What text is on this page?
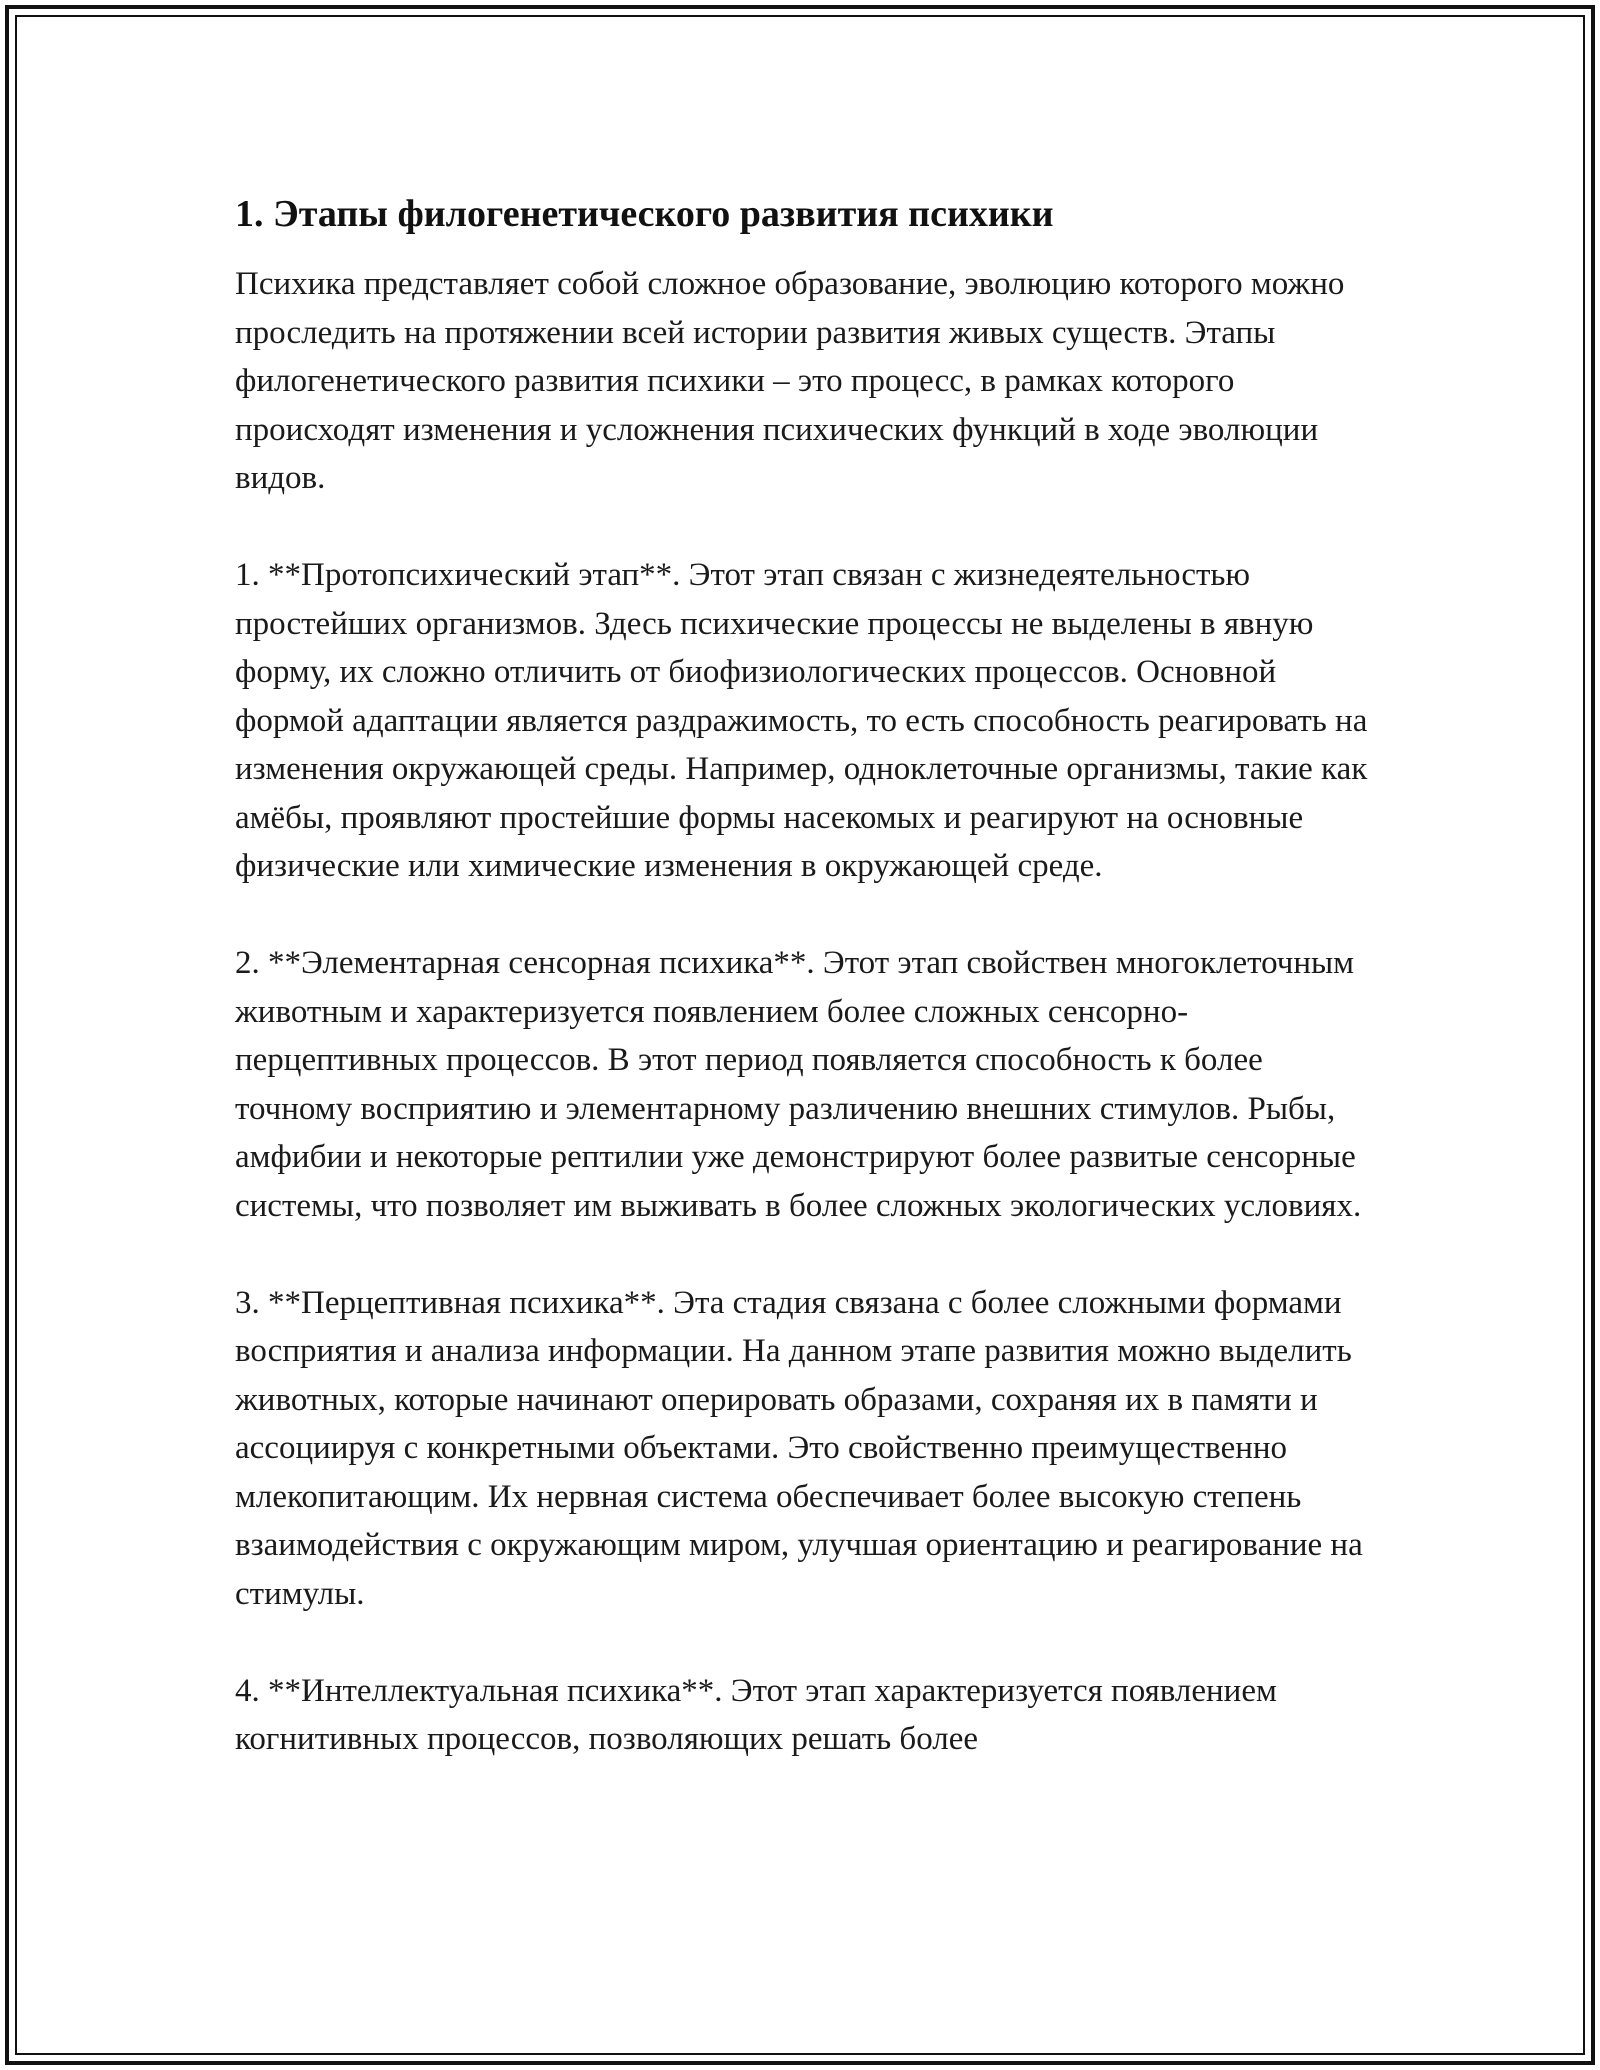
1. Этапы филогенетического развития психики

Психика представляет собой сложное образование, эволюцию которого можно проследить на протяжении всей истории развития живых существ. Этапы филогенетического развития психики – это процесс, в рамках которого происходят изменения и усложнения психических функций в ходе эволюции видов.

1. **Протопсихический этап**. Этот этап связан с жизнедеятельностью простейших организмов. Здесь психические процессы не выделены в явную форму, их сложно отличить от биофизиологических процессов. Основной формой адаптации является раздражимость, то есть способность реагировать на изменения окружающей среды. Например, одноклеточные организмы, такие как амёбы, проявляют простейшие формы насекомых и реагируют на основные физические или химические изменения в окружающей среде.

2. **Элементарная сенсорная психика**. Этот этап свойствен многоклеточным животным и характеризуется появлением более сложных сенсорно-перцептивных процессов. В этот период появляется способность к более точному восприятию и элементарному различению внешних стимулов. Рыбы, амфибии и некоторые рептилии уже демонстрируют более развитые сенсорные системы, что позволяет им выживать в более сложных экологических условиях.

3. **Перцептивная психика**. Эта стадия связана с более сложными формами восприятия и анализа информации. На данном этапе развития можно выделить животных, которые начинают оперировать образами, сохраняя их в памяти и ассоциируя с конкретными объектами. Это свойственно преимущественно млекопитающим. Их нервная система обеспечивает более высокую степень взаимодействия с окружающим миром, улучшая ориентацию и реагирование на стимулы.

4. **Интеллектуальная психика**. Этот этап характеризуется появлением когнитивных процессов, позволяющих решать более
